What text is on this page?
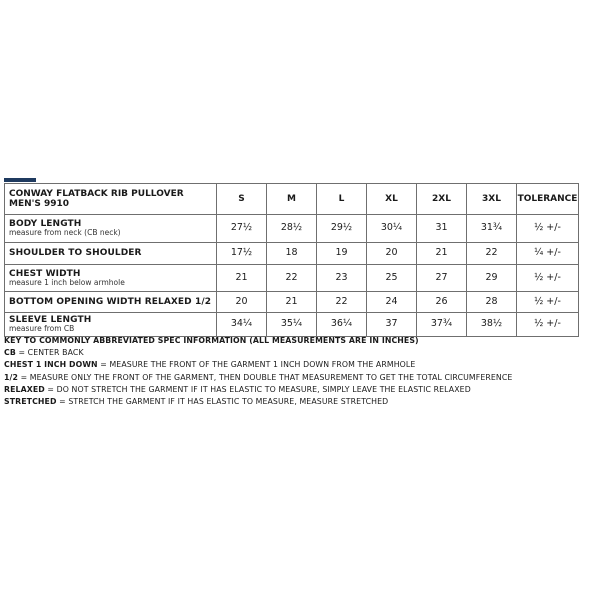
CONWAY FLATBACK RIB PULLOVER
MEN'S 9910	S	M	L	XL	2XL	3XL	TOLERANCE

BODY LENGTH
measure from neck (CB neck)	27½	28½	29½	30¼	31	31¾	½ +/-

SHOULDER TO SHOULDER	17½	18	19	20	21	22	¼ +/-

CHEST WIDTH
measure 1 inch below armhole	21	22	23	25	27	29	½ +/-

BOTTOM OPENING WIDTH RELAXED 1/2	20	21	22	24	26	28	½ +/-

SLEEVE LENGTH
measure from CB	34¼	35¼	36¼	37	37¾	38½	½ +/-
KEY TO COMMONLY ABBREVIATED SPEC INFORMATION (ALL MEASUREMENTS ARE IN INCHES)
CB = CENTER BACK
CHEST 1 INCH DOWN = MEASURE THE FRONT OF THE GARMENT 1 INCH DOWN FROM THE ARMHOLE
1/2 = MEASURE ONLY THE FRONT OF THE GARMENT, THEN DOUBLE THAT MEASUREMENT TO GET THE TOTAL CIRCUMFERENCE
RELAXED = DO NOT STRETCH THE GARMENT IF IT HAS ELASTIC TO MEASURE, SIMPLY LEAVE THE ELASTIC RELAXED
STRETCHED = STRETCH THE GARMENT IF IT HAS ELASTIC TO MEASURE, MEASURE STRETCHED
